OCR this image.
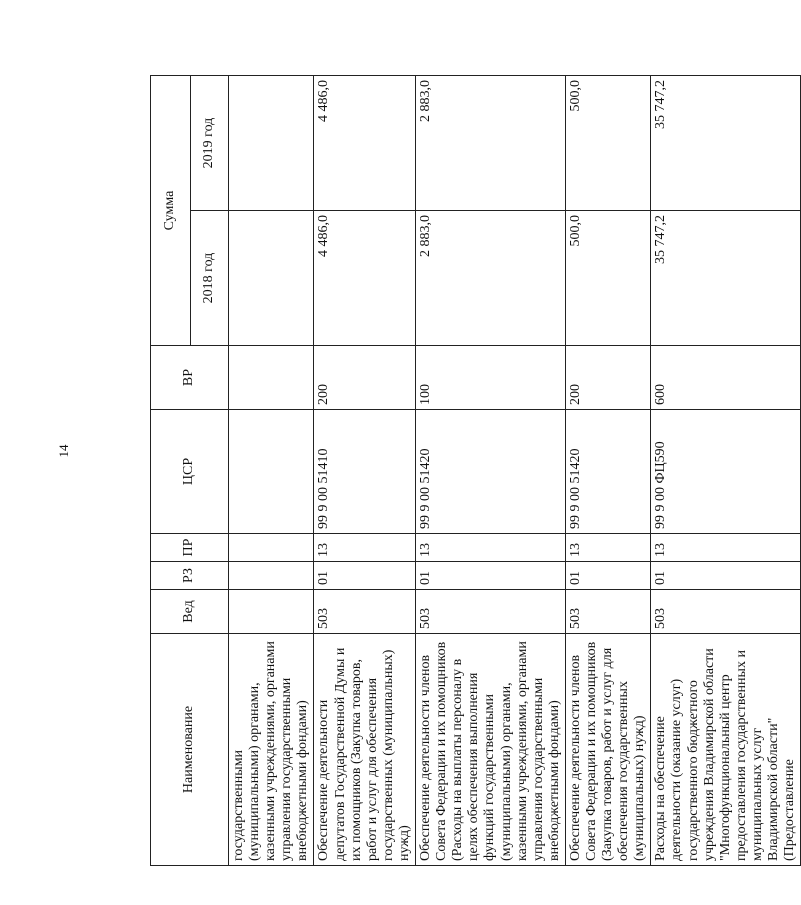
14
Наименование	Вед	РЗ	ПР	ЦСР	ВР	Сумма	
						2018 год	2019 год
государственными (муниципальными) органами, казенными учреждениями, органами управления государственными внебюджетными фондами)							
Обеспечение деятельности депутатов Государственной Думы и их помощников (Закупка товаров, работ и услуг для обеспечения государственных (муниципальных) нужд)	503	01	13	99 9 00 51410	200	4 486,0	4 486,0
Обеспечение деятельности членов Совета Федерации и их помощников (Расходы на выплаты персоналу в целях обеспечения выполнения функций государственными (муниципальными) органами, казенными учреждениями, органами управления государственными внебюджетными фондами)	503	01	13	99 9 00 51420	100	2 883,0	2 883,0
Обеспечение деятельности членов Совета Федерации и их помощников (Закупка товаров, работ и услуг для обеспечения государственных (муниципальных) нужд)	503	01	13	99 9 00 51420	200	500,0	500,0
Расходы на обеспечение деятельности (оказание услуг) государственного бюджетного учреждения Владимирской области "Многофункциональный центр предоставления государственных и муниципальных услуг Владимирской области" (Предоставление	503	01	13	99 9 00 ФЦ590	600	35 747,2	35 747,2
